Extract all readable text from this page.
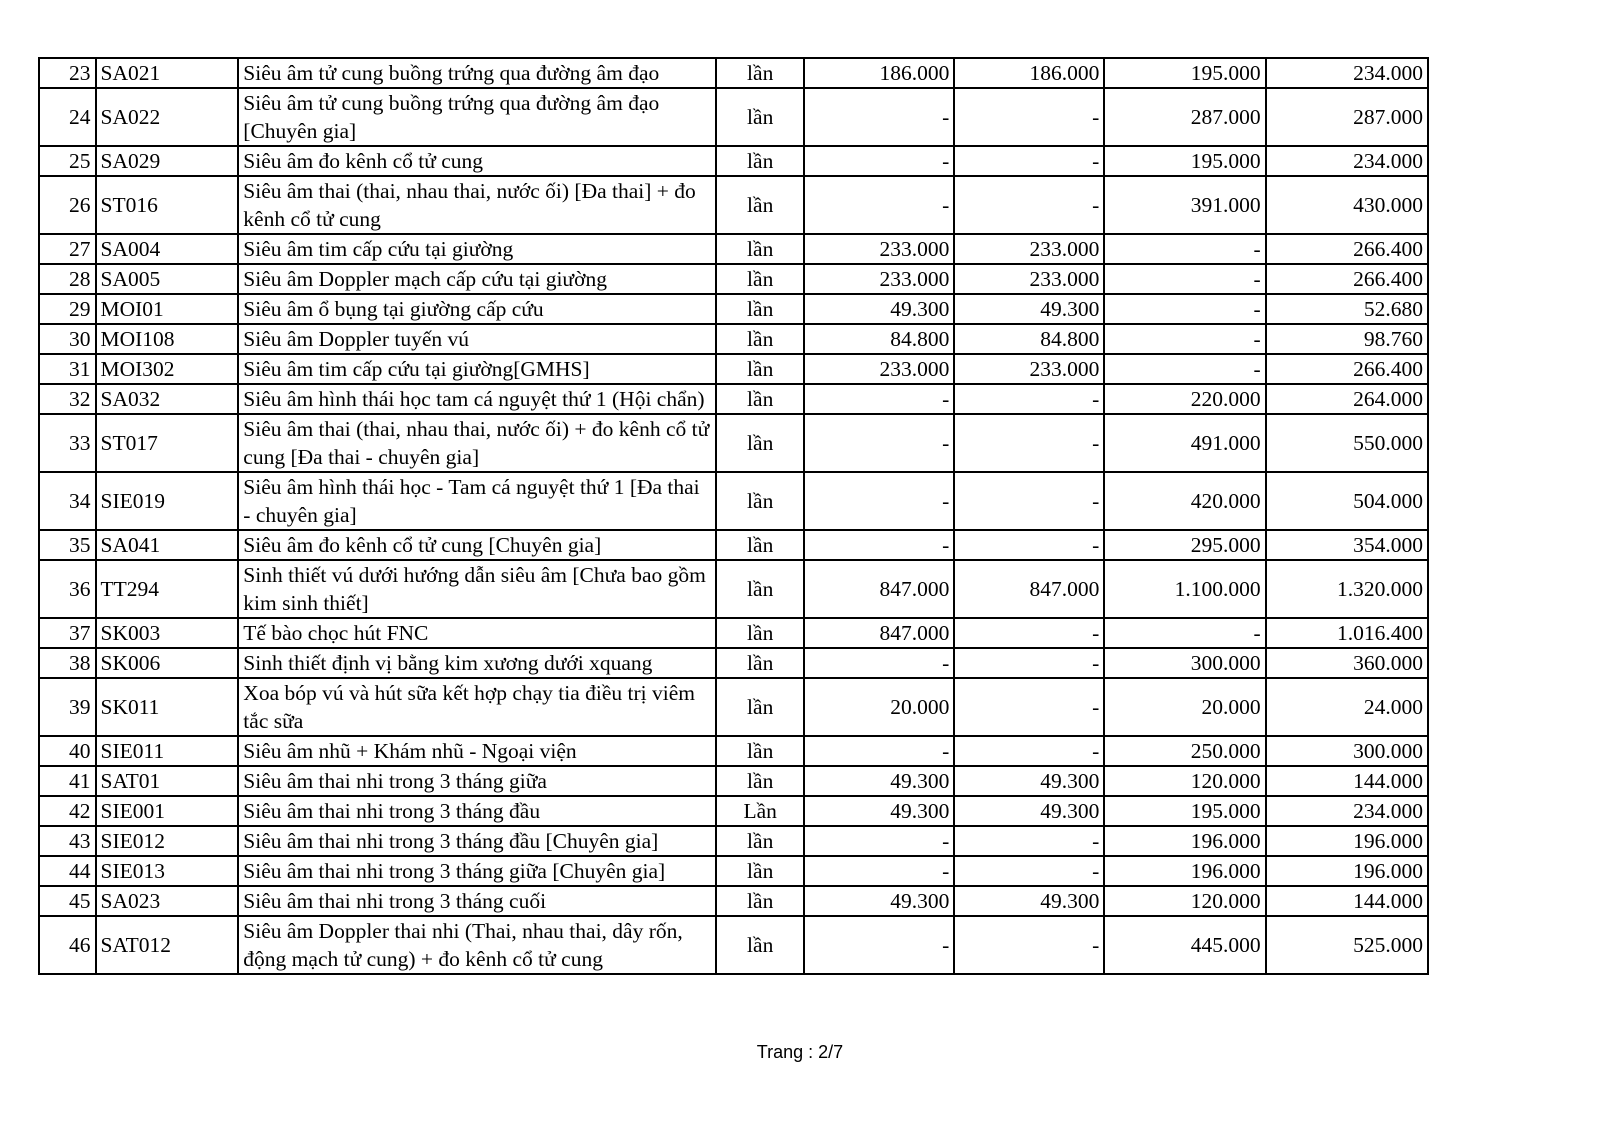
23	SA021	Siêu âm tử cung buồng trứng qua đường âm đạo	lần	186.000	186.000	195.000	234.000
24	SA022	Siêu âm tử cung buồng trứng qua đường âm đạo [Chuyên gia]	lần	-	-	287.000	287.000
25	SA029	Siêu âm đo kênh cổ tử cung	lần	-	-	195.000	234.000
26	ST016	Siêu âm thai (thai, nhau thai, nước ối) [Đa thai] + đo kênh cổ tử cung	lần	-	-	391.000	430.000
27	SA004	Siêu âm tim cấp cứu tại giường	lần	233.000	233.000	-	266.400
28	SA005	Siêu âm Doppler mạch cấp cứu tại giường	lần	233.000	233.000	-	266.400
29	MOI01	Siêu âm ổ bụng tại giường cấp cứu	lần	49.300	49.300	-	52.680
30	MOI108	Siêu âm Doppler tuyến vú	lần	84.800	84.800	-	98.760
31	MOI302	Siêu âm tim cấp cứu tại giường[GMHS]	lần	233.000	233.000	-	266.400
32	SA032	Siêu âm hình thái học tam cá nguyệt thứ 1 (Hội chẩn)	lần	-	-	220.000	264.000
33	ST017	Siêu âm thai (thai, nhau thai, nước ối) + đo kênh cổ tử cung [Đa thai - chuyên gia]	lần	-	-	491.000	550.000
34	SIE019	Siêu âm hình thái học - Tam cá nguyệt thứ 1 [Đa thai - chuyên gia]	lần	-	-	420.000	504.000
35	SA041	Siêu âm đo kênh cổ tử cung [Chuyên gia]	lần	-	-	295.000	354.000
36	TT294	Sinh thiết vú dưới hướng dẫn siêu âm [Chưa bao gồm kim sinh thiết]	lần	847.000	847.000	1.100.000	1.320.000
37	SK003	Tế bào chọc hút FNC	lần	847.000	-	-	1.016.400
38	SK006	Sinh thiết định vị bằng kim xương dưới xquang	lần	-	-	300.000	360.000
39	SK011	Xoa bóp vú và hút sữa kết hợp chạy tia điều trị viêm tắc sữa	lần	20.000	-	20.000	24.000
40	SIE011	Siêu âm nhũ + Khám nhũ - Ngoại viện	lần	-	-	250.000	300.000
41	SAT01	Siêu âm thai nhi trong 3 tháng giữa	lần	49.300	49.300	120.000	144.000
42	SIE001	Siêu âm thai nhi trong 3 tháng đầu	Lần	49.300	49.300	195.000	234.000
43	SIE012	Siêu âm thai nhi trong 3 tháng đầu [Chuyên gia]	lần	-	-	196.000	196.000
44	SIE013	Siêu âm thai nhi trong 3 tháng giữa [Chuyên gia]	lần	-	-	196.000	196.000
45	SA023	Siêu âm thai nhi trong 3 tháng cuối	lần	49.300	49.300	120.000	144.000
46	SAT012	Siêu âm Doppler thai nhi (Thai, nhau thai, dây rốn, động mạch tử cung) + đo kênh cổ tử cung	lần	-	-	445.000	525.000
Trang : 2/7
